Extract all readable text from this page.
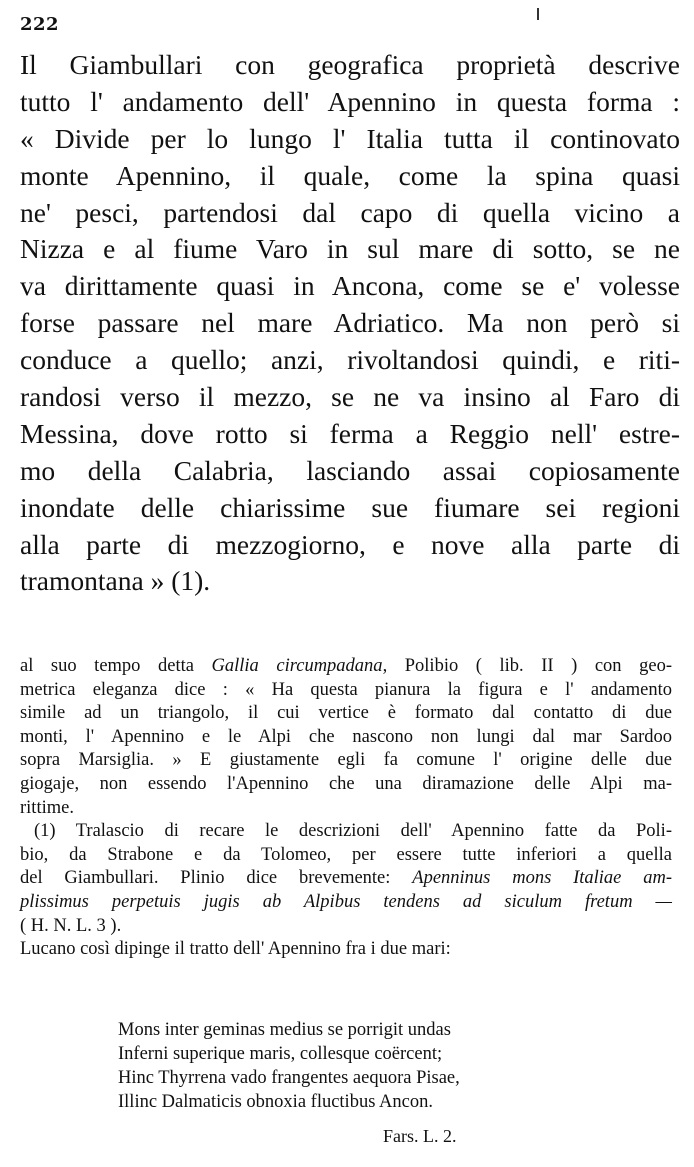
222
Il Giambullari con geografica proprietà descrive
tutto l' andamento dell' Apennino in questa forma :
« Divide per lo lungo l' Italia tutta il continovato
monte Apennino, il quale, come la spina quasi
ne' pesci, partendosi dal capo di quella vicino a
Nizza e al fiume Varo in sul mare di sotto, se ne
va dirittamente quasi in Ancona, come se e' volesse
forse passare nel mare Adriatico. Ma non però si
conduce a quello; anzi, rivoltandosi quindi, e riti-
randosi verso il mezzo, se ne va insino al Faro di
Messina, dove rotto si ferma a Reggio nell' estre-
mo della Calabria, lasciando assai copiosamente
inondate delle chiarissime sue fiumare sei regioni
alla parte di mezzogiorno, e nove alla parte di
tramontana » (1).
al suo tempo detta Gallia circumpadana, Polibio ( lib. II ) con geo-
metrica eleganza dice : « Ha questa pianura la figura e l' andamento
simile ad un triangolo, il cui vertice è formato dal contatto di due
monti, l' Apennino e le Alpi che nascono non lungi dal mar Sardoo
sopra Marsiglia. » E giustamente egli fa comune l' origine delle due
giogaje, non essendo l'Apennino che una diramazione delle Alpi ma-
rittime.
(1) Tralascio di recare le descrizioni dell' Apennino fatte da Poli-
bio, da Strabone e da Tolomeo, per essere tutte inferiori a quella
del Giambullari. Plinio dice brevemente: Apenninus mons Italiae am-
plissimus perpetuis jugis ab Alpibus tendens ad siculum fretum —
( H. N. L. 3 ).
Lucano così dipinge il tratto dell' Apennino fra i due mari:
Mons inter geminas medius se porrigit undas
Inferni superique maris, collesque coërcent;
Hinc Thyrrena vado frangentes aequora Pisae,
Illinc Dalmaticis obnoxia fluctibus Ancon.
Fars. L. 2.
